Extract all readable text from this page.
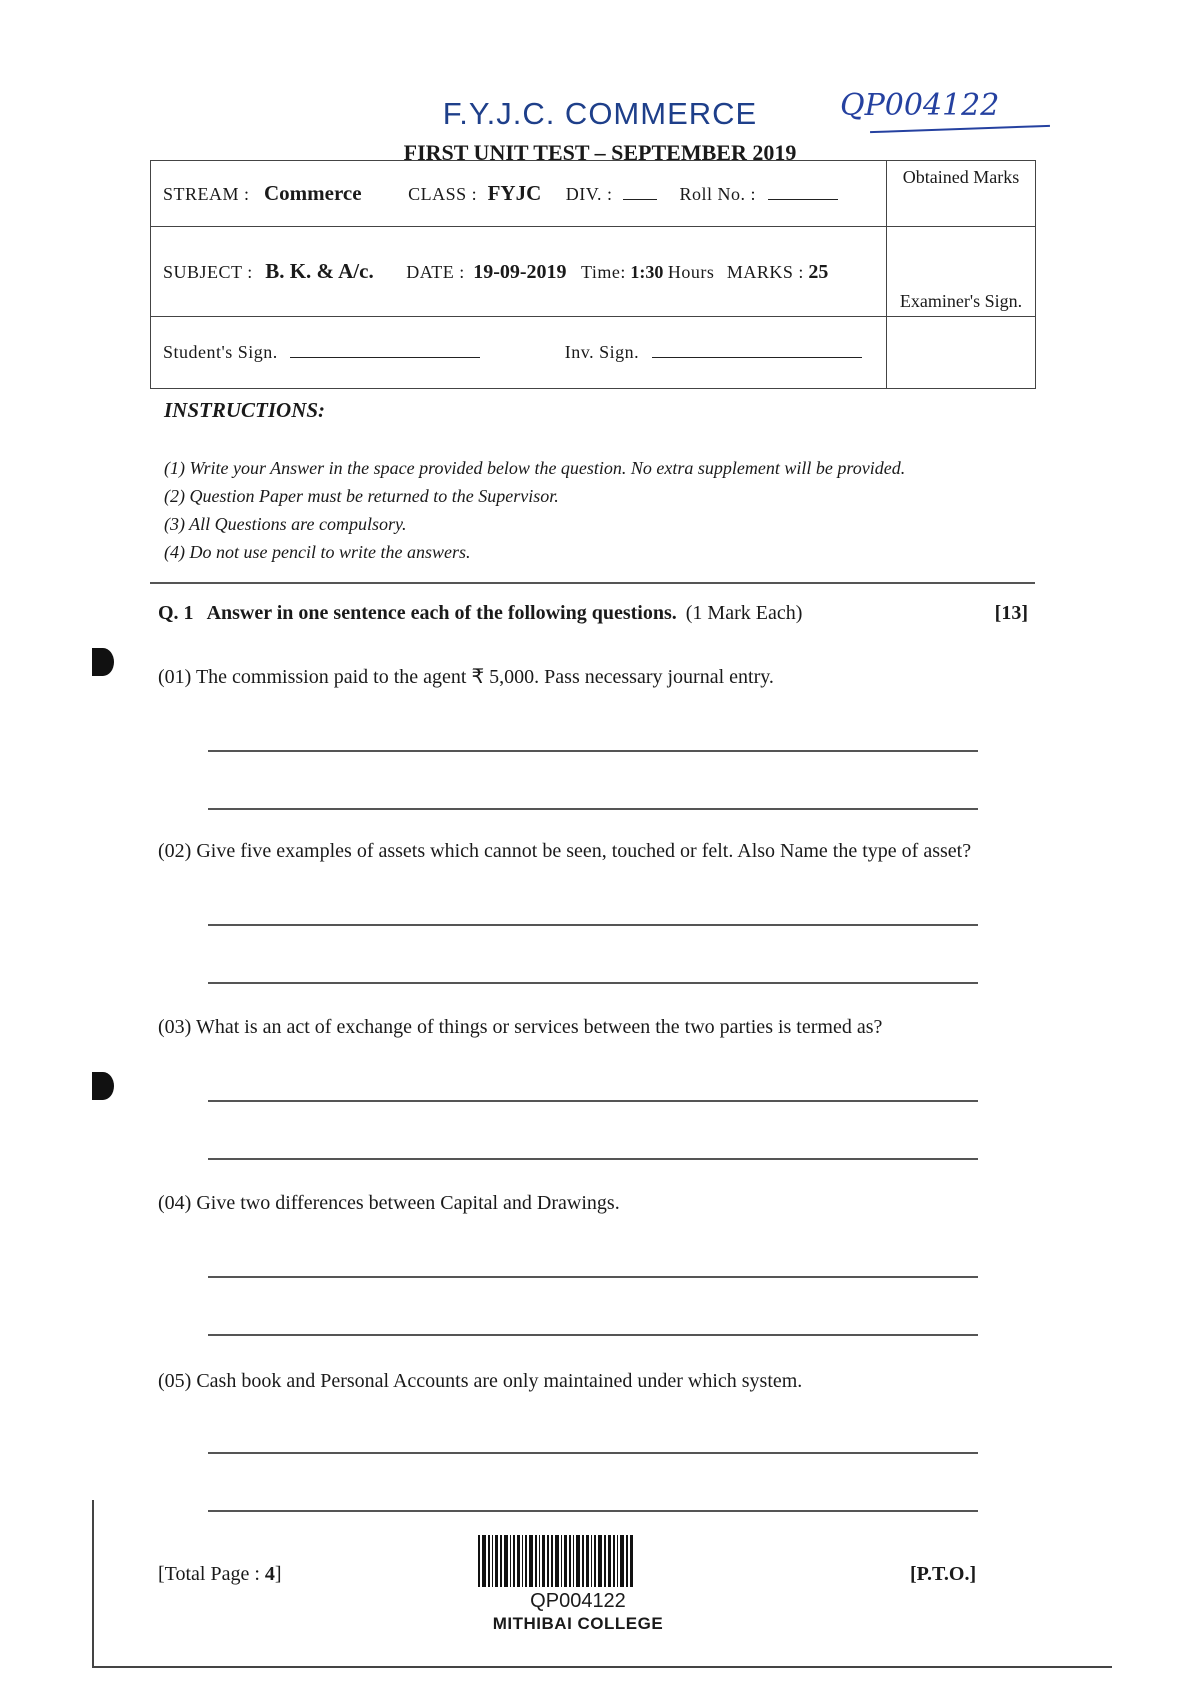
F.Y.J.C. COMMERCE	QP004122
FIRST UNIT TEST – SEPTEMBER 2019
STREAM : Commerce CLASS : FYJC DIV. : Roll No. :	Obtained Marks
SUBJECT : B. K. & A/c. DATE : 19-09-2019 Time: 1:30 Hours MARKS : 25	Examiner's Sign.
Student's Sign. Inv. Sign.	
INSTRUCTIONS:
(1) Write your Answer in the space provided below the question. No extra supplement will be provided.
(2) Question Paper must be returned to the Supervisor.
(3) All Questions are compulsory.
(4) Do not use pencil to write the answers.
Q. 1 Answer in one sentence each of the following questions. (1 Mark Each)	[13]
(01) The commission paid to the agent ₹ 5,000. Pass necessary journal entry.
(02) Give five examples of assets which cannot be seen, touched or felt. Also Name the type of asset?
(03) What is an act of exchange of things or services between the two parties is termed as?
(04) Give two differences between Capital and Drawings.
(05) Cash book and Personal Accounts are only maintained under which system.
[Total Page : 4]
QP004122
MITHIBAI COLLEGE
[P.T.O.]
